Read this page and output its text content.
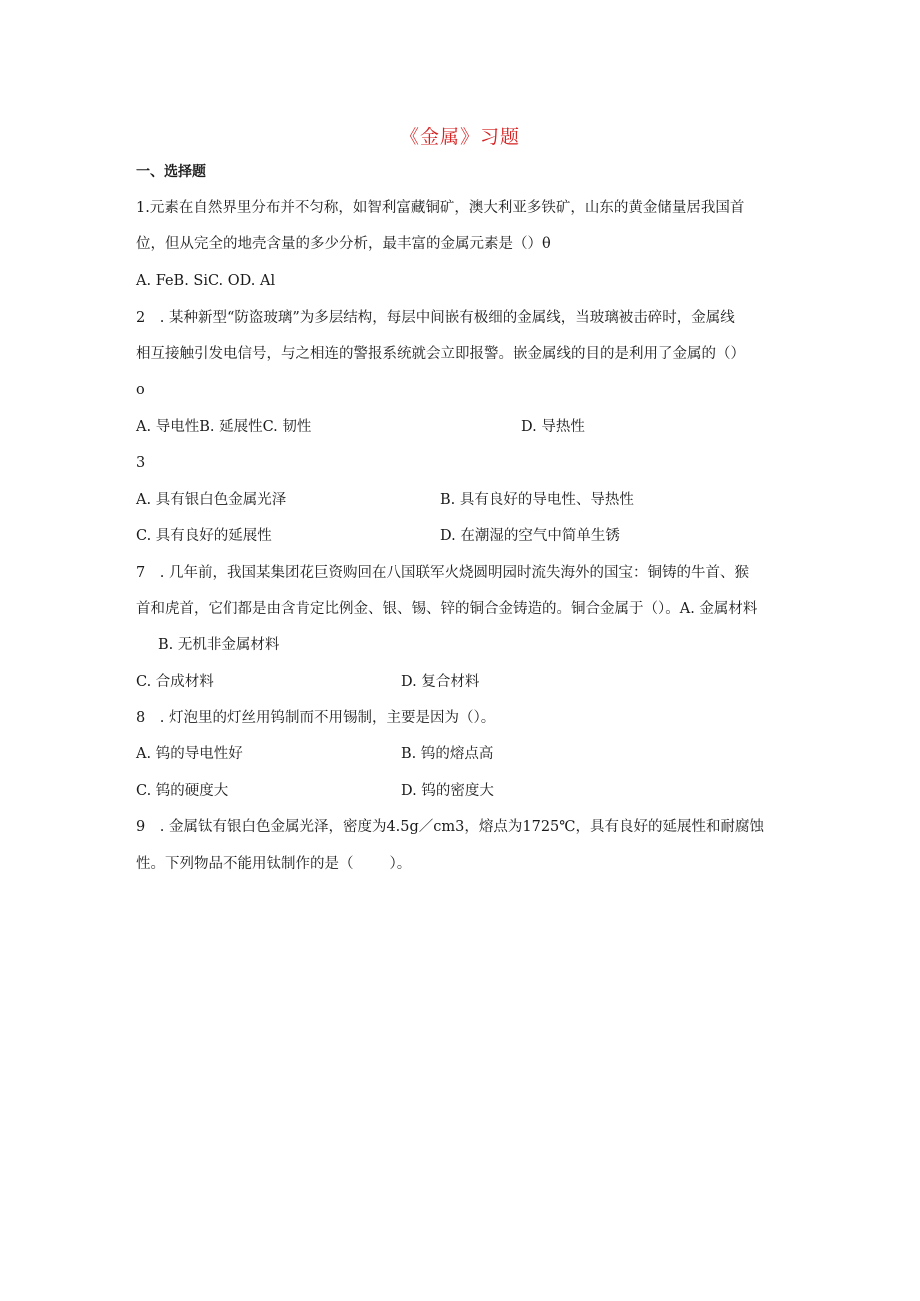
《金属》习题
一、选择题
1.元素在自然界里分布并不匀称，如智利富藏铜矿，澳大利亚多铁矿，山东的黄金储量居我国首
位，但从完全的地壳含量的多少分析，最丰富的金属元素是（）θ
A. FeB. SiC. OD. Al
2　. 某种新型“防盗玻璃”为多层结构，每层中间嵌有极细的金属线，当玻璃被击碎时，金属线
相互接触引发电信号，与之相连的警报系统就会立即报警。嵌金属线的目的是利用了金属的（）
o
A. 导电性B. 延展性C. 韧性	D. 导热性
3
A. 具有银白色金属光泽	B. 具有良好的导电性、导热性
C. 具有良好的延展性	D. 在潮湿的空气中简单生锈
7　. 几年前，我国某集团花巨资购回在八国联军火烧圆明园时流失海外的国宝：铜铸的牛首、猴
首和虎首，它们都是由含肯定比例金、银、锡、锌的铜合金铸造的。铜合金属于（）。A. 金属材料
B. 无机非金属材料
C. 合成材料	D. 复合材料
8　. 灯泡里的灯丝用钨制而不用锡制，主要是因为（）。
A. 钨的导电性好	B. 钨的熔点高
C. 钨的硬度大	D. 钨的密度大
9　. 金属钛有银白色金属光泽，密度为4.5g／cm3，熔点为1725℃，具有良好的延展性和耐腐蚀
性。下列物品不能用钛制作的是（ ）。
